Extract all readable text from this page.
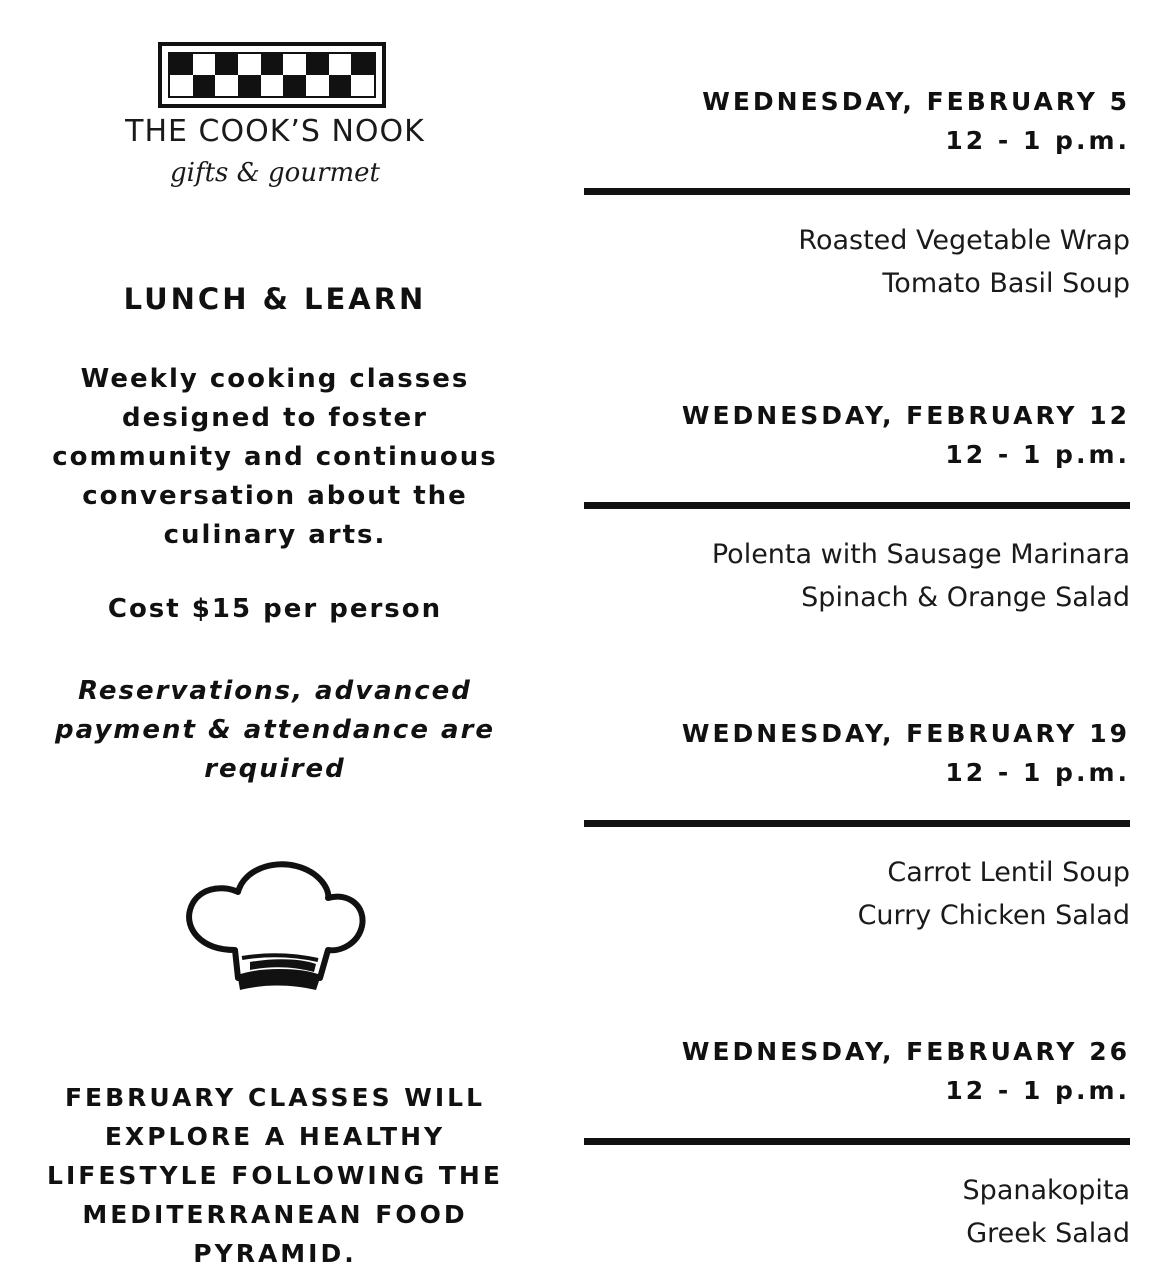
THE COOK’S NOOK
gifts & gourmet
LUNCH & LEARN
Weekly cooking classes designed to foster community and continuous conversation about the culinary arts.
Cost $15 per person
Reservations, advanced payment & attendance are required
FEBRUARY CLASSES WILL EXPLORE A HEALTHY LIFESTYLE FOLLOWING THE MEDITERRANEAN FOOD PYRAMID.
WEDNESDAY, FEBRUARY 5
12 - 1 p.m.
Roasted Vegetable Wrap
Tomato Basil Soup
WEDNESDAY, FEBRUARY 12
12 - 1 p.m.
Polenta with Sausage Marinara
Spinach & Orange Salad
WEDNESDAY, FEBRUARY 19
12 - 1 p.m.
Carrot Lentil Soup
Curry Chicken Salad
WEDNESDAY, FEBRUARY 26
12 - 1 p.m.
Spanakopita
Greek Salad
